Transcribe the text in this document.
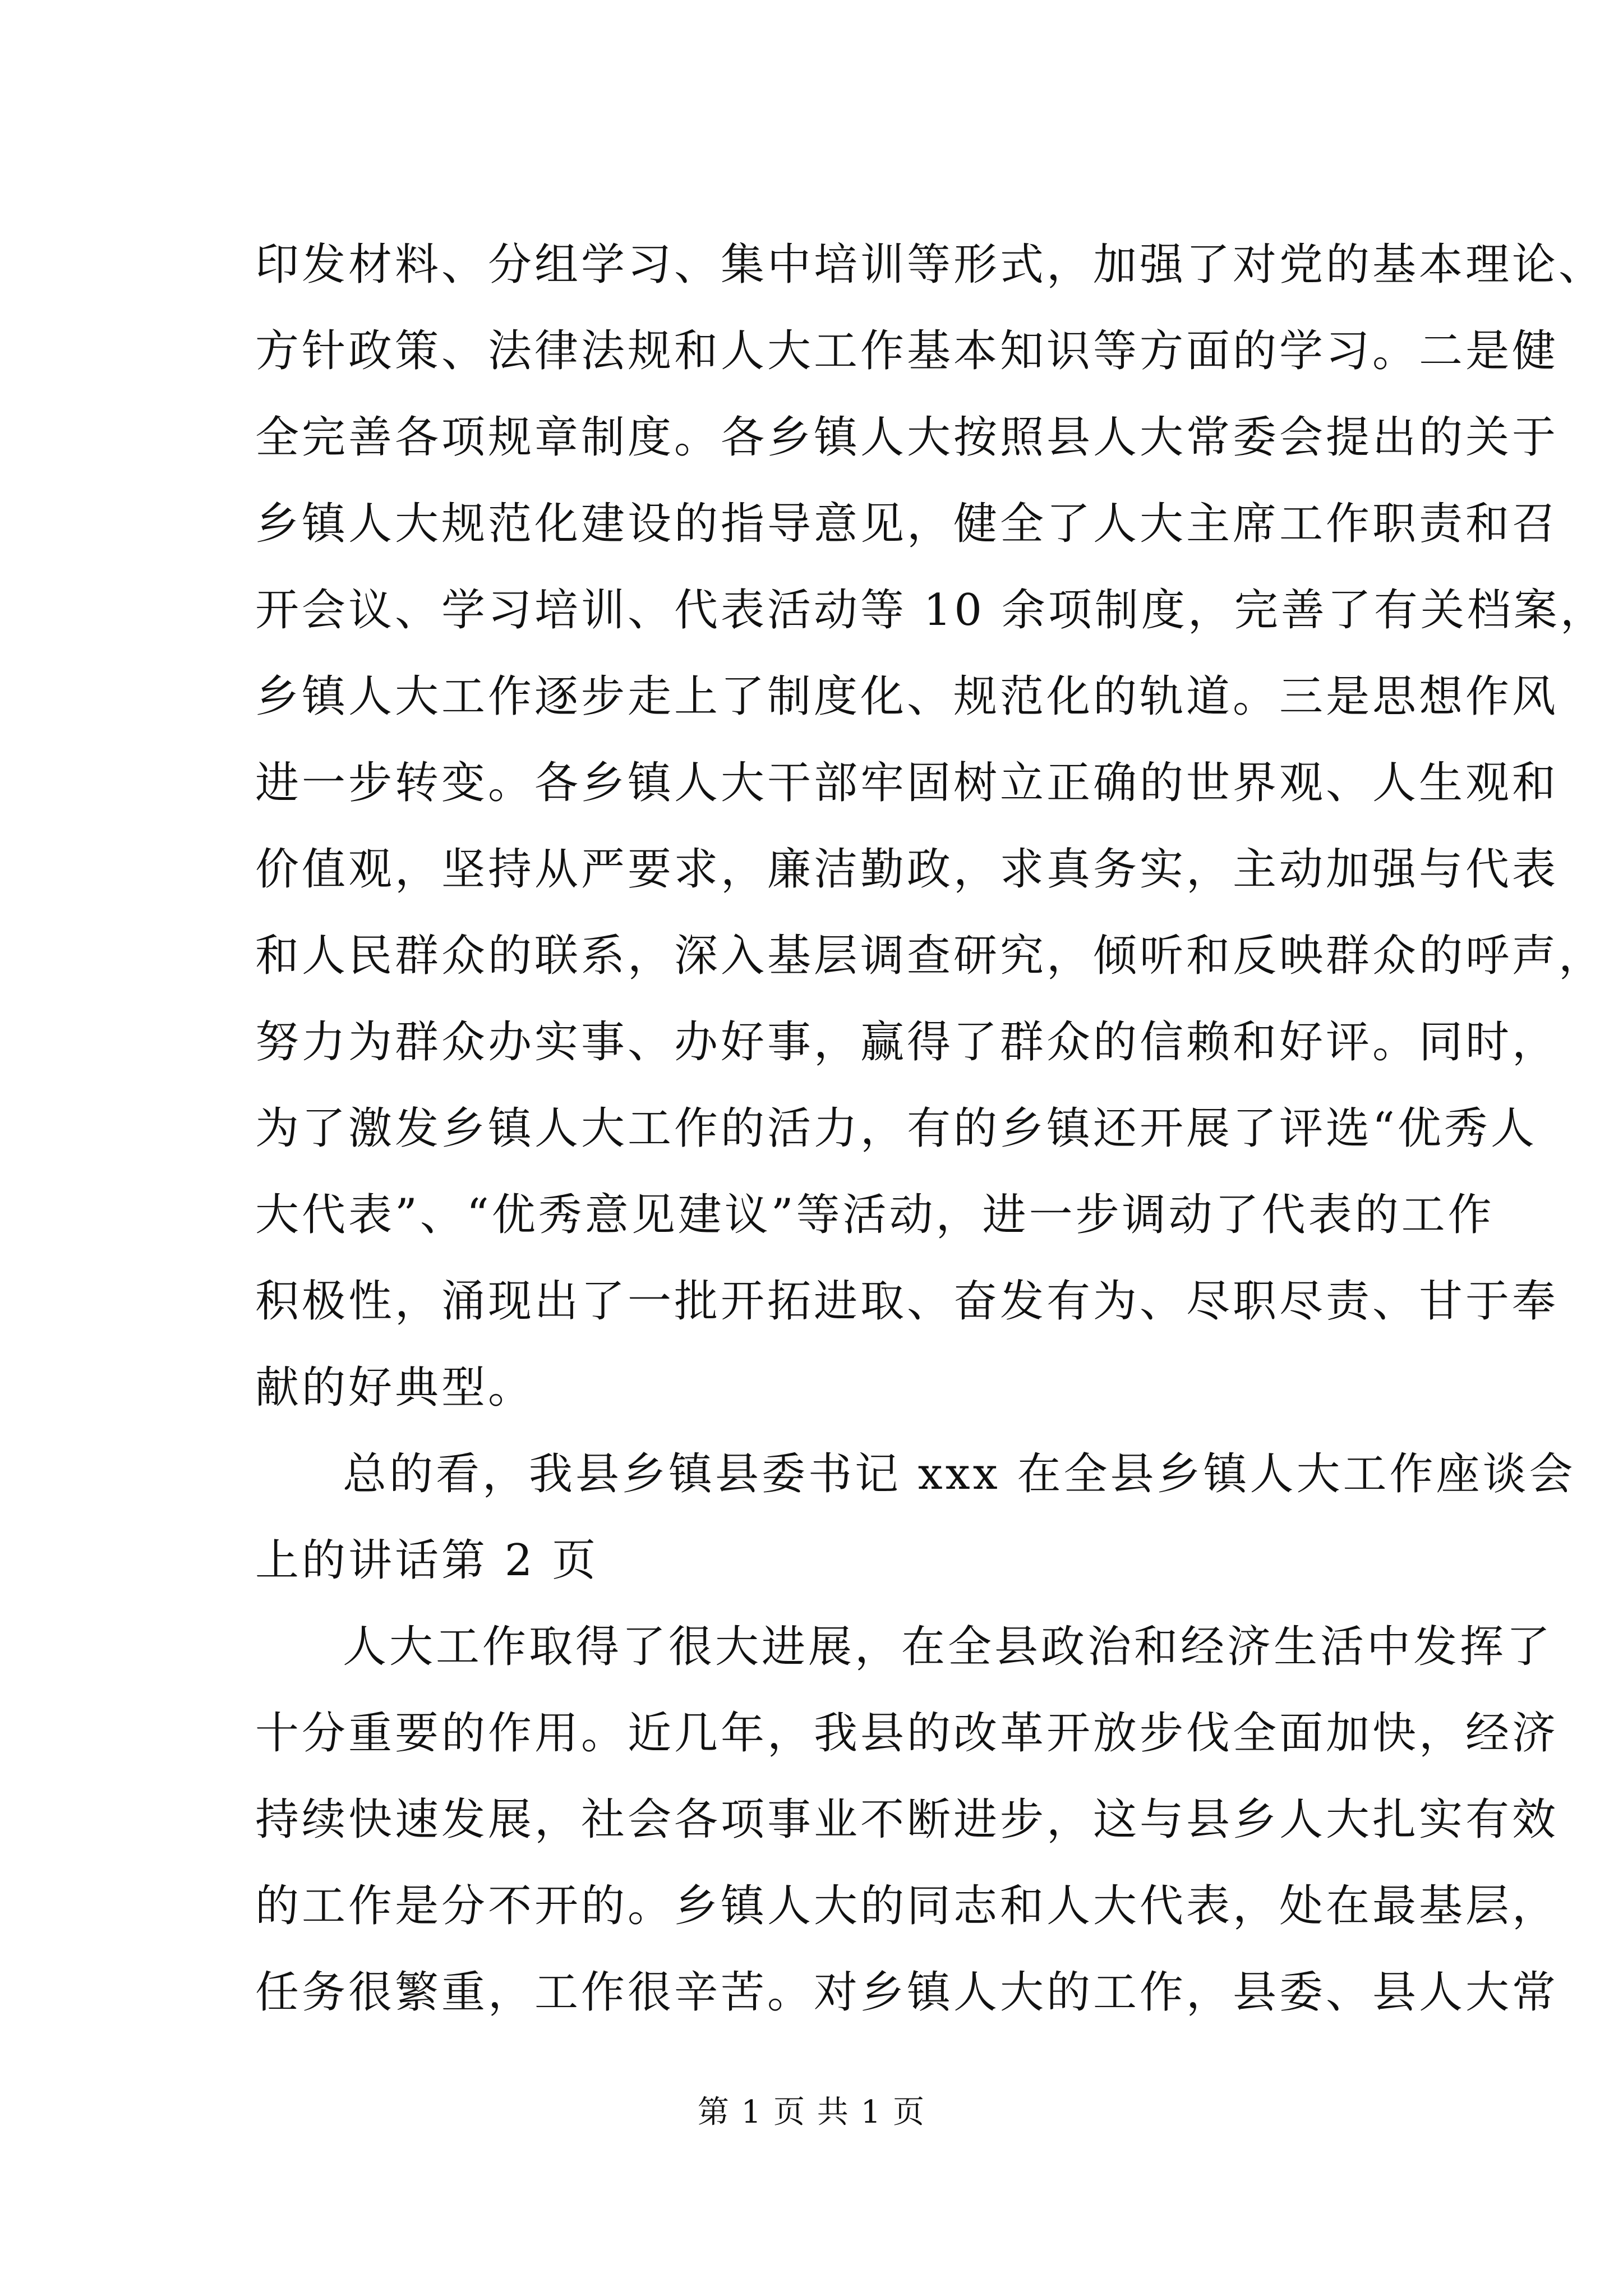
印发材料、分组学习、集中培训等形式，加强了对党的基本理论、
方针政策、法律法规和人大工作基本知识等方面的学习。二是健
全完善各项规章制度。各乡镇人大按照县人大常委会提出的关于
乡镇人大规范化建设的指导意见，健全了人大主席工作职责和召
开会议、学习培训、代表活动等 10 余项制度，完善了有关档案，
乡镇人大工作逐步走上了制度化、规范化的轨道。三是思想作风
进一步转变。各乡镇人大干部牢固树立正确的世界观、人生观和
价值观，坚持从严要求，廉洁勤政，求真务实，主动加强与代表
和人民群众的联系，深入基层调查研究，倾听和反映群众的呼声，
努力为群众办实事、办好事，赢得了群众的信赖和好评。同时，
为了激发乡镇人大工作的活力，有的乡镇还开展了评选“优秀人
大代表”、“优秀意见建议”等活动，进一步调动了代表的工作
积极性，涌现出了一批开拓进取、奋发有为、尽职尽责、甘于奉
献的好典型。
总的看，我县乡镇县委书记 xxx 在全县乡镇人大工作座谈会
上的讲话第 2 页
人大工作取得了很大进展，在全县政治和经济生活中发挥了
十分重要的作用。近几年，我县的改革开放步伐全面加快，经济
持续快速发展，社会各项事业不断进步，这与县乡人大扎实有效
的工作是分不开的。乡镇人大的同志和人大代表，处在最基层，
任务很繁重，工作很辛苦。对乡镇人大的工作，县委、县人大常
第 1 页 共 1 页
